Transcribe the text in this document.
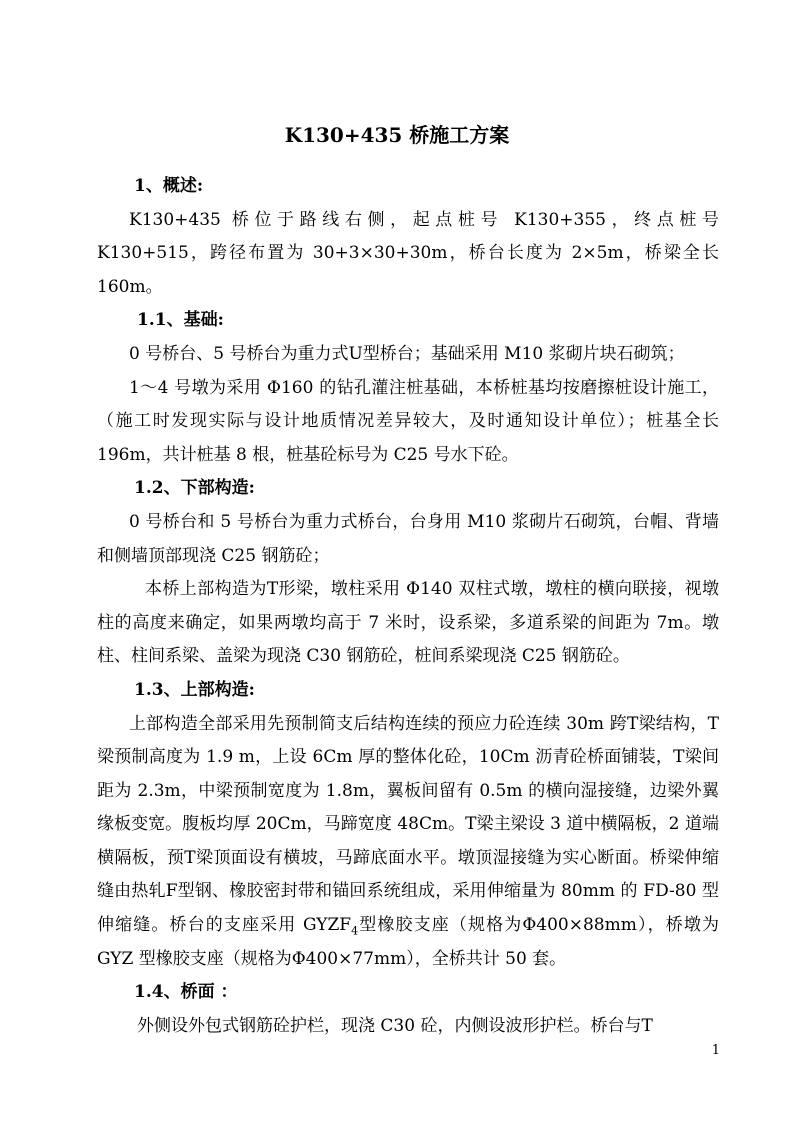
K130+435 桥施工方案

1、概述:

K130+435 桥位于路线右侧，起点桩号 K130+355，终点桩号 K130+515，跨径布置为 30+3×30+30m，桥台长度为 2×5m，桥梁全长 160m。

1.1、基础:

0 号桥台、5 号桥台为重力式U型桥台；基础采用 M10 浆砌片块石砌筑；

1～4 号墩为采用 Φ160 的钻孔灌注桩基础，本桥桩基均按磨擦桩设计施工，（施工时发现实际与设计地质情况差异较大，及时通知设计单位）；桩基全长 196m，共计桩基 8 根，桩基砼标号为 C25 号水下砼。

1.2、下部构造:

0 号桥台和 5 号桥台为重力式桥台，台身用 M10 浆砌片石砌筑，台帽、背墙和侧墙顶部现浇 C25 钢筋砼；

本桥上部构造为T形梁，墩柱采用 Φ140 双柱式墩，墩柱的横向联接，视墩柱的高度来确定，如果两墩均高于 7 米时，设系梁，多道系梁的间距为 7m。墩柱、柱间系梁、盖梁为现浇 C30 钢筋砼，桩间系梁现浇 C25 钢筋砼。

1.3、上部构造:

上部构造全部采用先预制简支后结构连续的预应力砼连续 30m 跨T梁结构，T梁预制高度为 1.9 m，上设 6Cm 厚的整体化砼，10Cm 沥青砼桥面铺装，T梁间距为 2.3m，中梁预制宽度为 1.8m，翼板间留有 0.5m 的横向湿接缝，边梁外翼缘板变宽。腹板均厚 20Cm，马蹄宽度 48Cm。T梁主梁设 3 道中横隔板，2 道端横隔板，预T梁顶面设有横坡，马蹄底面水平。墩顶湿接缝为实心断面。桥梁伸缩缝由热轧F型钢、橡胶密封带和锚回系统组成，采用伸缩量为 80mm 的 FD-80 型伸缩缝。桥台的支座采用 $GYZF_4$型橡胶支座（规格为Φ400×88mm），桥墩为 GYZ 型橡胶支座（规格为Φ400×77mm），全桥共计 50 套。

1.4、桥面 ：

外侧设外包式钢筋砼护栏，现浇 C30 砼，内侧设波形护栏。桥台与T

1
